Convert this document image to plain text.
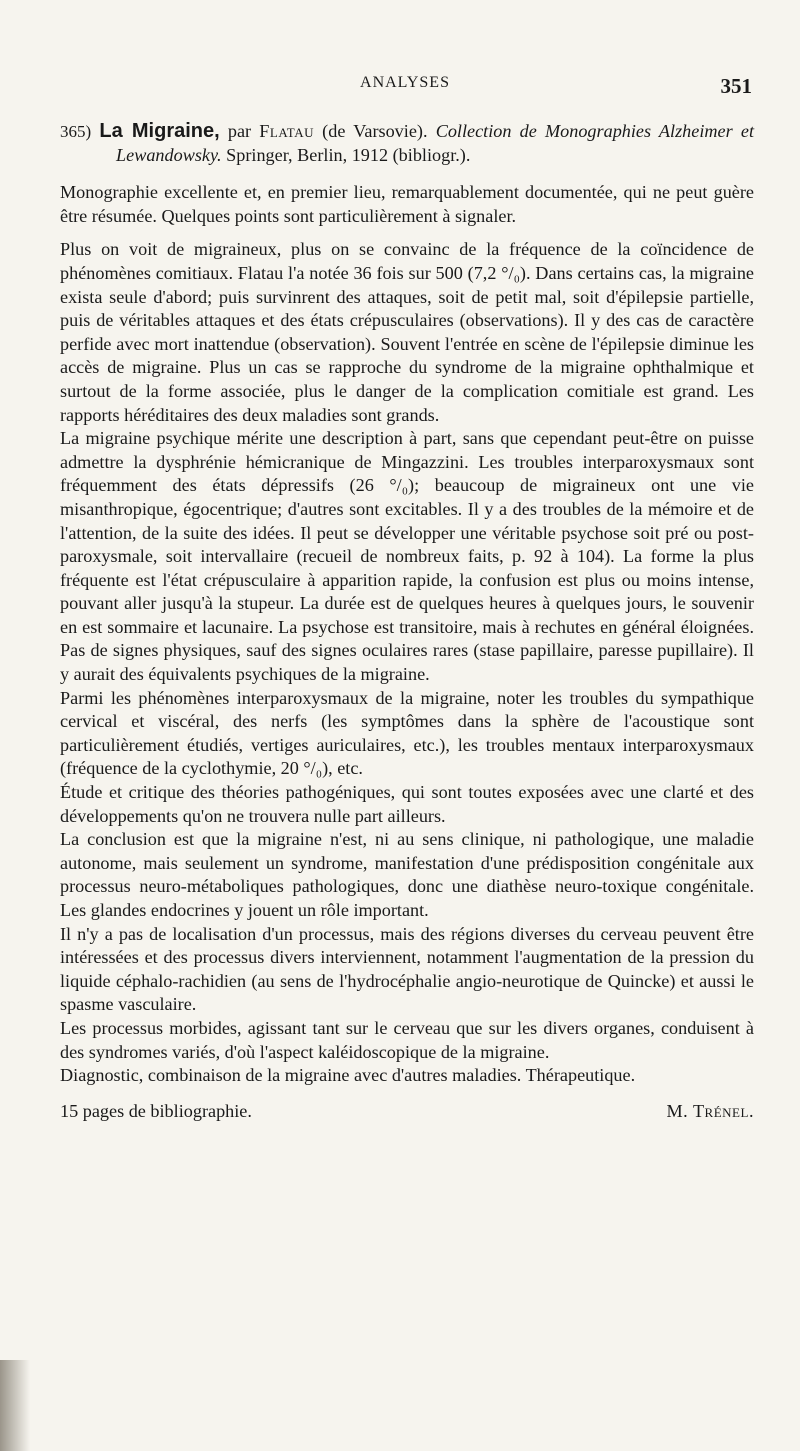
ANALYSES	351
365) La Migraine, par Flatau (de Varsovie). Collection de Monographies Alzheimer et Lewandowsky. Springer, Berlin, 1912 (bibliogr.).

Monographie excellente et, en premier lieu, remarquablement documentée, qui ne peut guère être résumée. Quelques points sont particulièrement à signaler.

Plus on voit de migraineux, plus on se convainc de la fréquence de la coïncidence de phénomènes comitiaux. Flatau l'a notée 36 fois sur 500 (7,2 °/₀). Dans certains cas, la migraine exista seule d'abord; puis survinrent des attaques, soit de petit mal, soit d'épilepsie partielle, puis de véritables attaques et des états crépusculaires (observations). Il y des cas de caractère perfide avec mort inattendue (observation). Souvent l'entrée en scène de l'épilepsie diminue les accès de migraine. Plus un cas se rapproche du syndrome de la migraine ophthalmique et surtout de la forme associée, plus le danger de la complication comitiale est grand. Les rapports héréditaires des deux maladies sont grands.

La migraine psychique mérite une description à part, sans que cependant peut-être on puisse admettre la dysphrénie hémicranique de Mingazzini. Les troubles interparoxysmaux sont fréquemment des états dépressifs (26 °/₀); beaucoup de migraineux ont une vie misanthropique, égocentrique; d'autres sont excitables. Il y a des troubles de la mémoire et de l'attention, de la suite des idées. Il peut se développer une véritable psychose soit pré ou post-paroxysmale, soit intervallaire (recueil de nombreux faits, p. 92 à 104). La forme la plus fréquente est l'état crépusculaire à apparition rapide, la confusion est plus ou moins intense, pouvant aller jusqu'à la stupeur. La durée est de quelques heures à quelques jours, le souvenir en est sommaire et lacunaire. La psychose est transitoire, mais à rechutes en général éloignées. Pas de signes physiques, sauf des signes oculaires rares (stase papillaire, paresse pupillaire). Il y aurait des équivalents psychiques de la migraine.

Parmi les phénomènes interparoxysmaux de la migraine, noter les troubles du sympathique cervical et viscéral, des nerfs (les symptômes dans la sphère de l'acoustique sont particulièrement étudiés, vertiges auriculaires, etc.), les troubles mentaux interparoxysmaux (fréquence de la cyclothymie, 20 °/₀), etc.

Étude et critique des théories pathogéniques, qui sont toutes exposées avec une clarté et des développements qu'on ne trouvera nulle part ailleurs.

La conclusion est que la migraine n'est, ni au sens clinique, ni pathologique, une maladie autonome, mais seulement un syndrome, manifestation d'une prédisposition congénitale aux processus neuro-métaboliques pathologiques, donc une diathèse neuro-toxique congénitale. Les glandes endocrines y jouent un rôle important.

Il n'y a pas de localisation d'un processus, mais des régions diverses du cerveau peuvent être intéressées et des processus divers interviennent, notamment l'augmentation de la pression du liquide céphalo-rachidien (au sens de l'hydrocéphalie angio-neurotique de Quincke) et aussi le spasme vasculaire.

Les processus morbides, agissant tant sur le cerveau que sur les divers organes, conduisent à des syndromes variés, d'où l'aspect kaléidoscopique de la migraine.

Diagnostic, combinaison de la migraine avec d'autres maladies. Thérapeutique.

15 pages de bibliographie.	M. Trénel.
